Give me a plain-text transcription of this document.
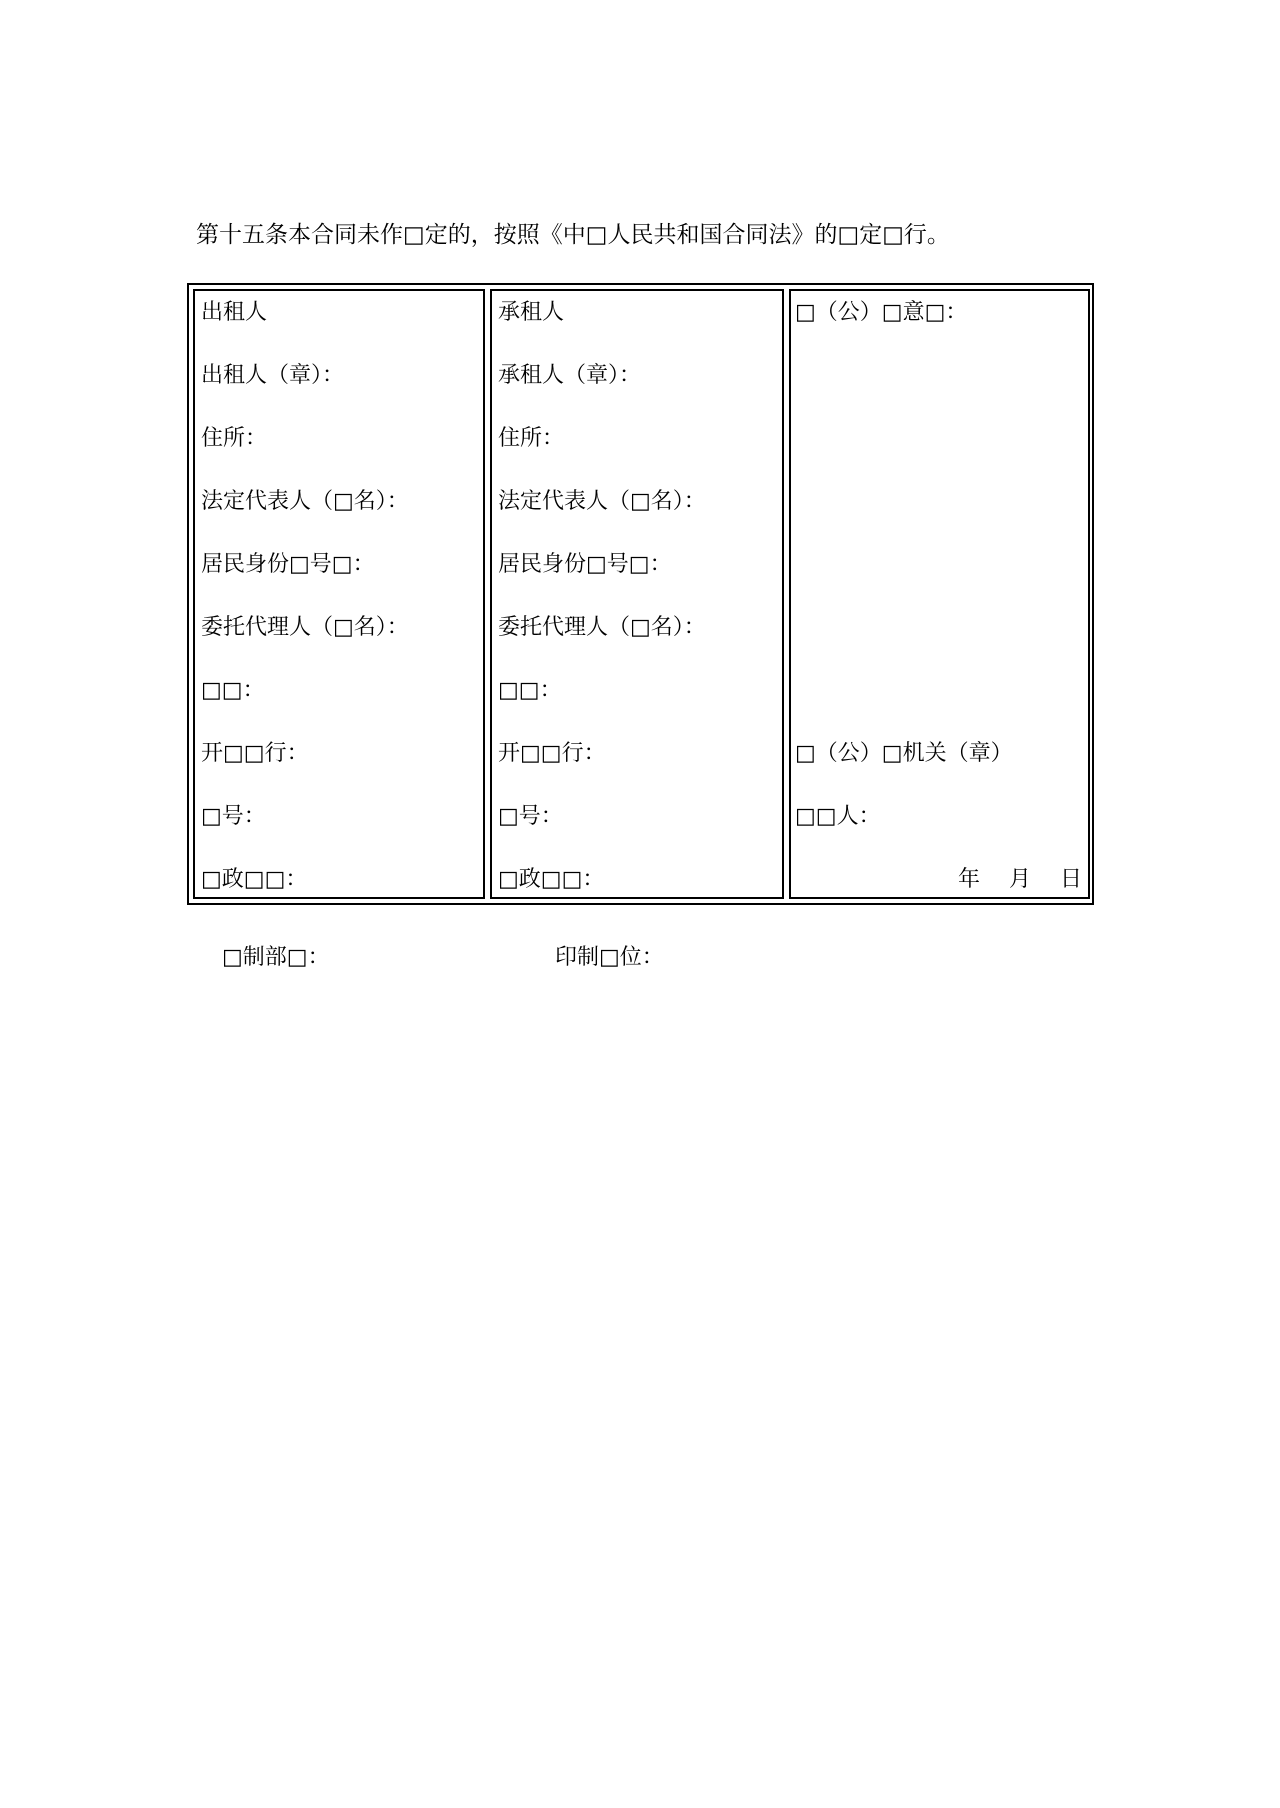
第十五条本合同未作□定的，按照《中□人民共和国合同法》的□定□行。
出租人
出租人（章）：
住所：
法定代表人（□名）：
居民身份□号□：
委托代理人（□名）：
□□：
开□□行：
□号：
□政□□：
承租人
承租人（章）：
住所：
法定代表人（□名）：
居民身份□号□：
委托代理人（□名）：
□□：
开□□行：
□号：
□政□□：
□（公）□意□：
□（公）□机关（章）
□□人：
年 月 日
□制部□：	印制□位：
